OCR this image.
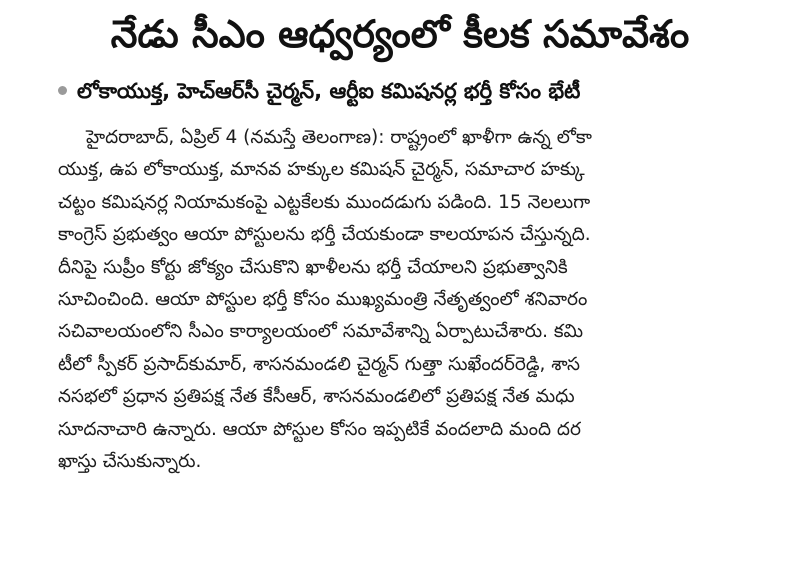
నేడు సీఎం ఆధ్వర్యంలో కీలక సమావేశం
లోకాయుక్త, హెచ్‌ఆర్‌సీ చైర్మన్‌, ఆర్టీఐ కమిషనర్ల భర్తీ కోసం భేటీ
హైదరాబాద్‌, ఏప్రిల్‌ 4 (నమస్తే తెలంగాణ): రాష్ట్రంలో ఖాళీగా ఉన్న లోకా
యుక్త, ఉప లోకాయుక్త, మానవ హక్కుల కమిషన్‌ చైర్మన్‌, సమాచార హక్కు
చట్టం కమిషనర్ల నియామకంపై ఎట్టకేలకు ముందడుగు పడింది. 15 నెలలుగా
కాంగ్రెస్‌ ప్రభుత్వం ఆయా పోస్టులను భర్తీ చేయకుండా కాలయాపన చేస్తున్నది.
దీనిపై సుప్రీం కోర్టు జోక్యం చేసుకొని ఖాళీలను భర్తీ చేయాలని ప్రభుత్వానికి
సూచించింది. ఆయా పోస్టుల భర్తీ కోసం ముఖ్యమంత్రి నేతృత్వంలో శనివారం
సచివాలయంలోని సీఎం కార్యాలయంలో సమావేశాన్ని ఏర్పాటుచేశారు. కమి
టీలో స్పీకర్‌ ప్రసాద్‌కుమార్‌, శాసనమండలి చైర్మన్‌ గుత్తా సుఖేందర్‌రెడ్డి, శాస
నసభలో ప్రధాన ప్రతిపక్ష నేత కేసీఆర్‌, శాసనమండలిలో ప్రతిపక్ష నేత మధు
సూదనాచారి ఉన్నారు. ఆయా పోస్టుల కోసం ఇప్పటికే వందలాది మంది దర
ఖాస్తు చేసుకున్నారు.
